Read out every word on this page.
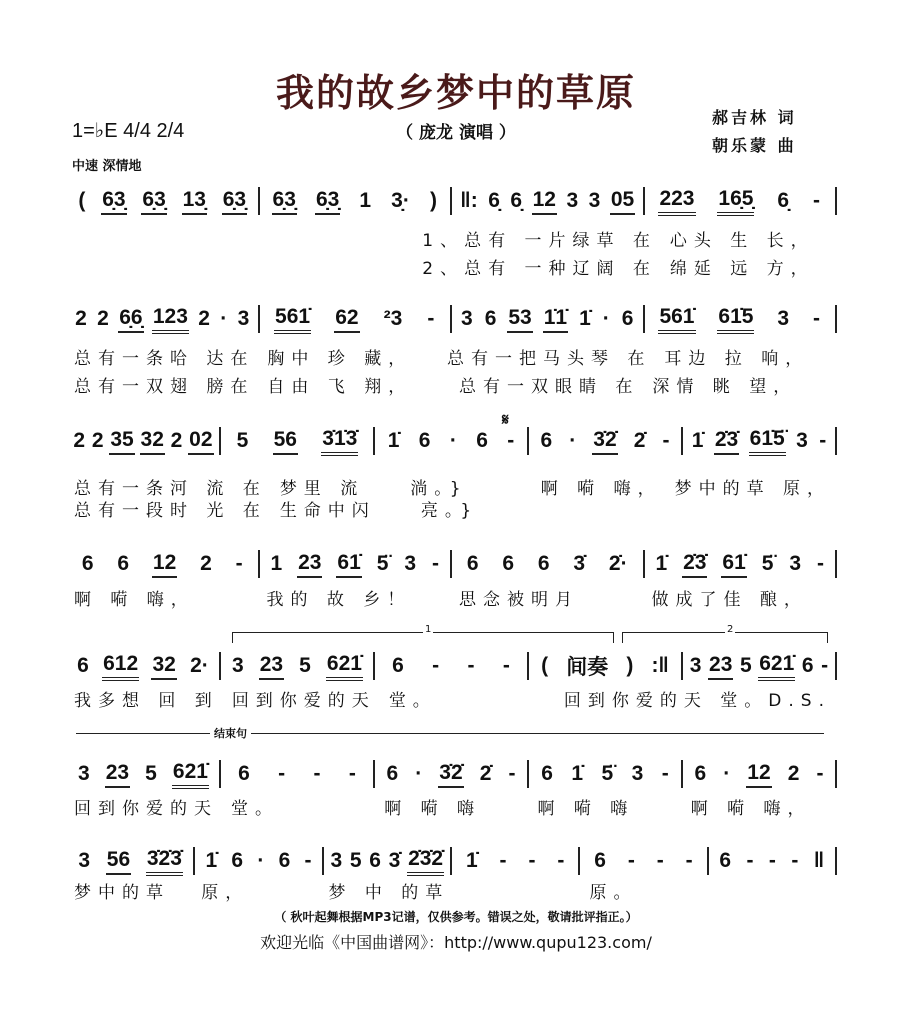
我的故乡梦中的草原
（ 庞龙 演唱 ）
郝吉林 词
朝乐蒙 曲
1=♭E 4/4 2/4
中速 深情地
𝄋
1	2
结束句
( 6̣3̣ 6̣3̣ 13̣ 6̣3̣ 6̣3̣ 6̣3̣ 1 3̣· ) ‖: 6̣ 6̣ 12 3 3 05 223 16̣5̣ 6̣ -
1、总有 一片绿草 在 心头 生 长，
2、总有 一种辽阔 在 绵延 远 方，
2 2 6̣6̣ 123 2 · 3 561̇ 62 ²3 - 3 6 53 1̇1̇ 1̇ · 6 561̇ 61̇5 3 -
总有一条哈 达在 胸中 珍 藏，	总有一把马头琴 在 耳边 拉 响，
总有一双翅 膀在 自由 飞 翔，	总有一双眼睛 在 深情 眺 望，
2 2 35 32 2 02 5 56 3̇1̇3̇ 1̇ 6 · 6 - 6 · 3̇2̇ 2̇ - 1̇ 2̇3̇ 61̇5̈ 3 -
总有一条河 流 在 梦里 流	淌。}	啊 嗬 嗨， 梦中的草 原，
总有一段时 光 在 生命中闪	亮。}
6 6 12 2 - 1 23 61̇ 5̈ 3 - 6 6 6 3̇ 2̇· 1̇ 2̇3̇ 61̇ 5̈ 3 -
啊 嗬 嗨，	我的 故 乡！	思念被明月	做成了佳 酿，
6 612 32 2· 3 23 5 621̇ 6 - - - ( 间奏 ) :‖ 3 23 5 621̇ 6 -
我多想 回 到 回到你爱的天 堂。	回到你爱的天 堂。D.S.
3 23 5 621̇ 6 - - - 6 · 3̇2̇ 2̇ - 6 1̇ 5̈ 3 - 6 · 12 2 -
回到你爱的天 堂。	啊 嗬 嗨	啊 嗬 嗨	啊 嗬 嗨，
3 56 3̇2̇3̇ 1̇ 6 · 6 - 3 5 6 3̇ 2̇3̇2̇ 1̇ - - - 6 - - - 6 - - - ‖
梦中的草	原，	梦 中 的草	原。
（ 秋叶起舞根据MP3记谱，仅供参考。错误之处，敬请批评指正。）
欢迎光临《中国曲谱网》：http://www.qupu123.com/
